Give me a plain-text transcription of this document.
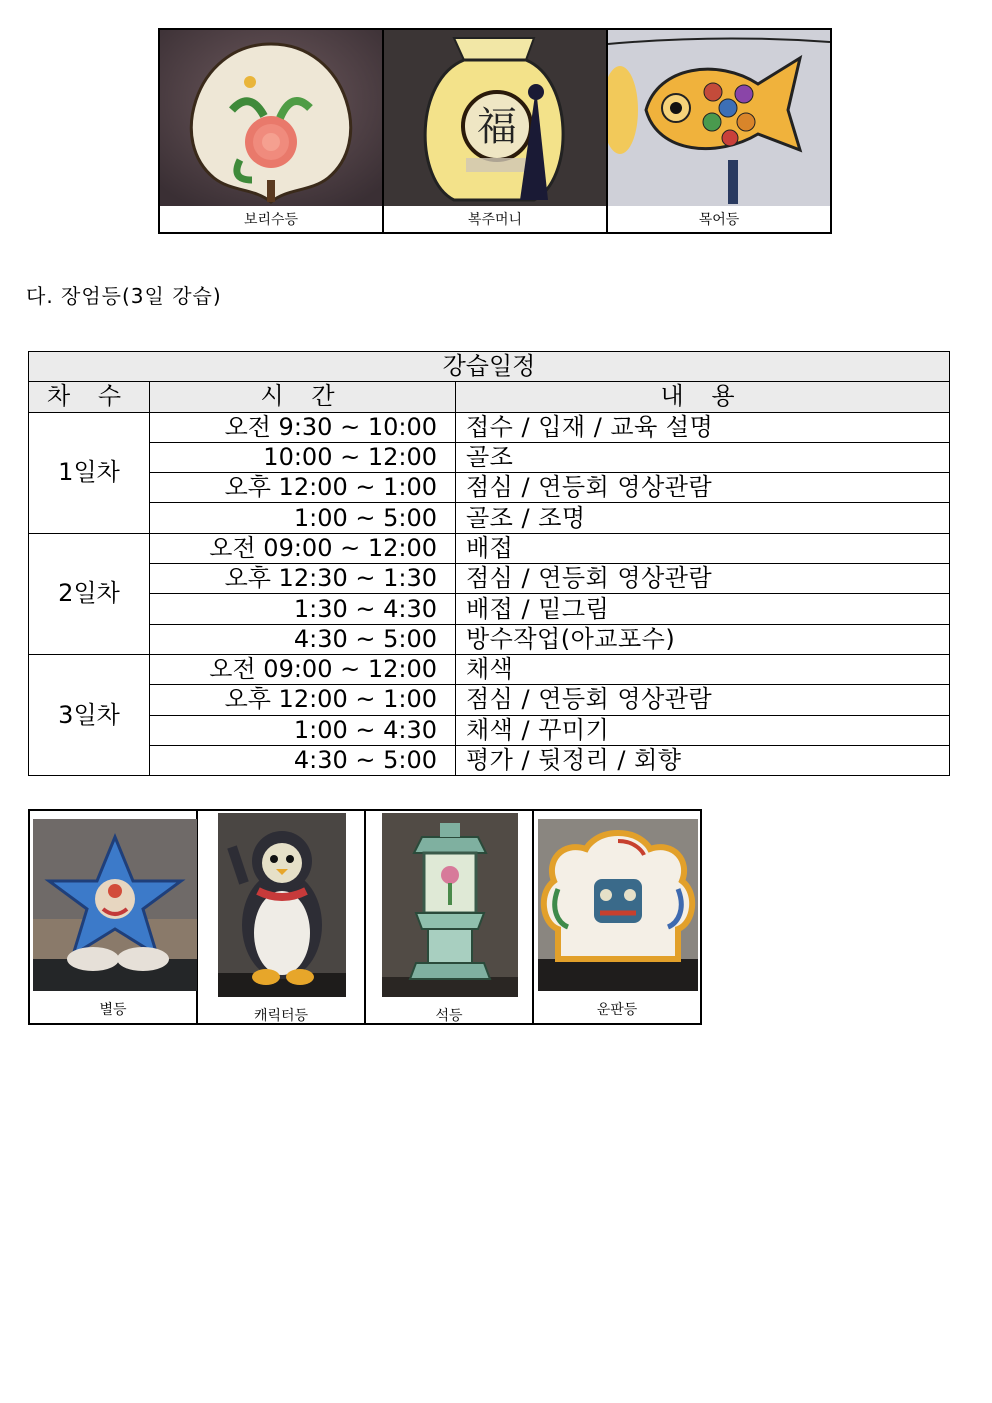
보리수등

福
복주머니	목어등
다. 장엄등(3일 강습)
강습일정		
차 수	시 간	내 용
1일차	오전 9:30 ~ 10:00	접수 / 입재 / 교육 설명
	10:00 ~ 12:00	골조
	오후 12:00 ~ 1:00	점심 / 연등회 영상관람
	1:00 ~ 5:00	골조 / 조명
2일차	오전 09:00 ~ 12:00	배접
	오후 12:30 ~ 1:30	점심 / 연등회 영상관람
	1:30 ~ 4:30	배접 / 밑그림
	4:30 ~ 5:00	방수작업(아교포수)
3일차	오전 09:00 ~ 12:00	채색
	오후 12:00 ~ 1:00	점심 / 연등회 영상관람
	1:00 ~ 4:30	채색 / 꾸미기
	4:30 ~ 5:00	평가 / 뒷정리 / 회향
별등	캐릭터등	석등	운판등
